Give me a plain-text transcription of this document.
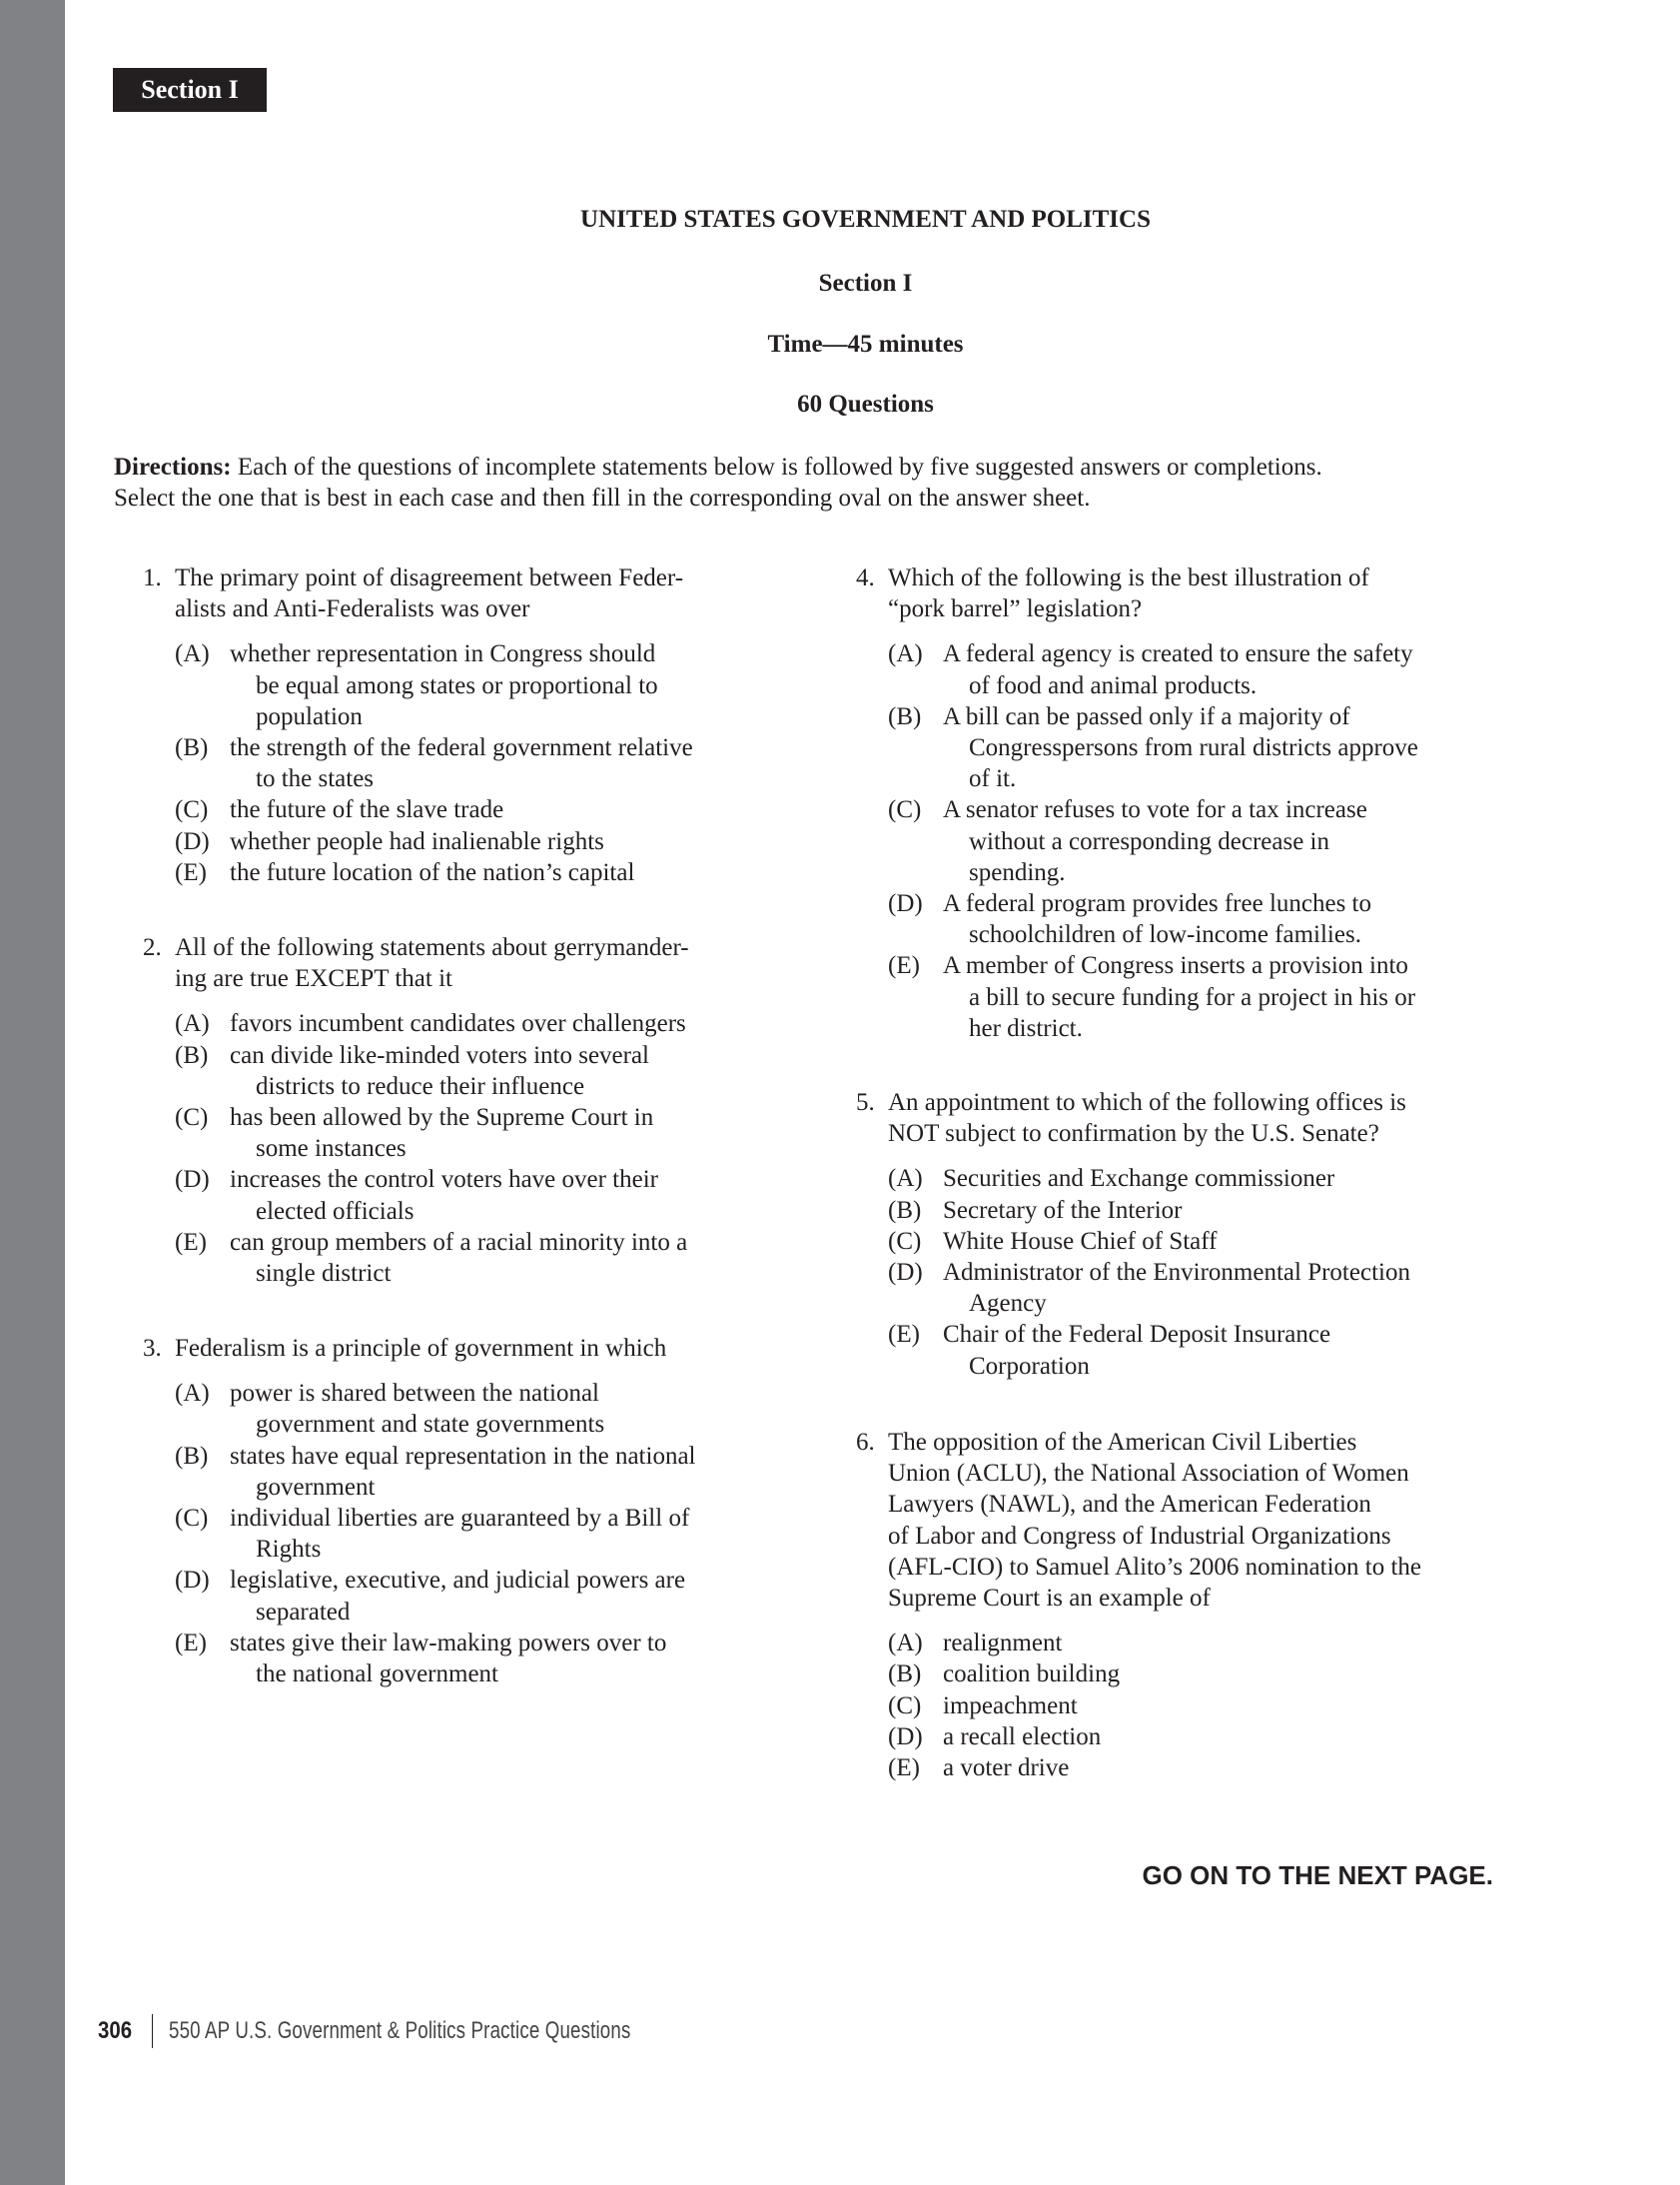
Section I
UNITED STATES GOVERNMENT AND POLITICS
Section I
Time—45 minutes
60 Questions
Directions: Each of the questions of incomplete statements below is followed by five suggested answers or completions.
Select the one that is best in each case and then fill in the corresponding oval on the answer sheet.
1. The primary point of disagreement between Feder-
alists and Anti-Federalists was over
(A) whether representation in Congress should
be equal among states or proportional to
population
(B) the strength of the federal government relative
to the states
(C) the future of the slave trade
(D) whether people had inalienable rights
(E) the future location of the nation’s capital
2. All of the following statements about gerrymander-
ing are true EXCEPT that it
(A) favors incumbent candidates over challengers
(B) can divide like-minded voters into several
districts to reduce their influence
(C) has been allowed by the Supreme Court in
some instances
(D) increases the control voters have over their
elected officials
(E) can group members of a racial minority into a
single district
3. Federalism is a principle of government in which
(A) power is shared between the national
government and state governments
(B) states have equal representation in the national
government
(C) individual liberties are guaranteed by a Bill of
Rights
(D) legislative, executive, and judicial powers are
separated
(E) states give their law-making powers over to
the national government
4. Which of the following is the best illustration of
“pork barrel” legislation?
(A) A federal agency is created to ensure the safety
of food and animal products.
(B) A bill can be passed only if a majority of
Congresspersons from rural districts approve
of it.
(C) A senator refuses to vote for a tax increase
without a corresponding decrease in
spending.
(D) A federal program provides free lunches to
schoolchildren of low-income families.
(E) A member of Congress inserts a provision into
a bill to secure funding for a project in his or
her district.
5. An appointment to which of the following offices is
NOT subject to confirmation by the U.S. Senate?
(A) Securities and Exchange commissioner
(B) Secretary of the Interior
(C) White House Chief of Staff
(D) Administrator of the Environmental Protection
Agency
(E) Chair of the Federal Deposit Insurance
Corporation
6. The opposition of the American Civil Liberties
Union (ACLU), the National Association of Women
Lawyers (NAWL), and the American Federation
of Labor and Congress of Industrial Organizations
(AFL-CIO) to Samuel Alito’s 2006 nomination to the
Supreme Court is an example of
(A) realignment
(B) coalition building
(C) impeachment
(D) a recall election
(E) a voter drive
GO ON TO THE NEXT PAGE.
306 550 AP U.S. Government & Politics Practice Questions
